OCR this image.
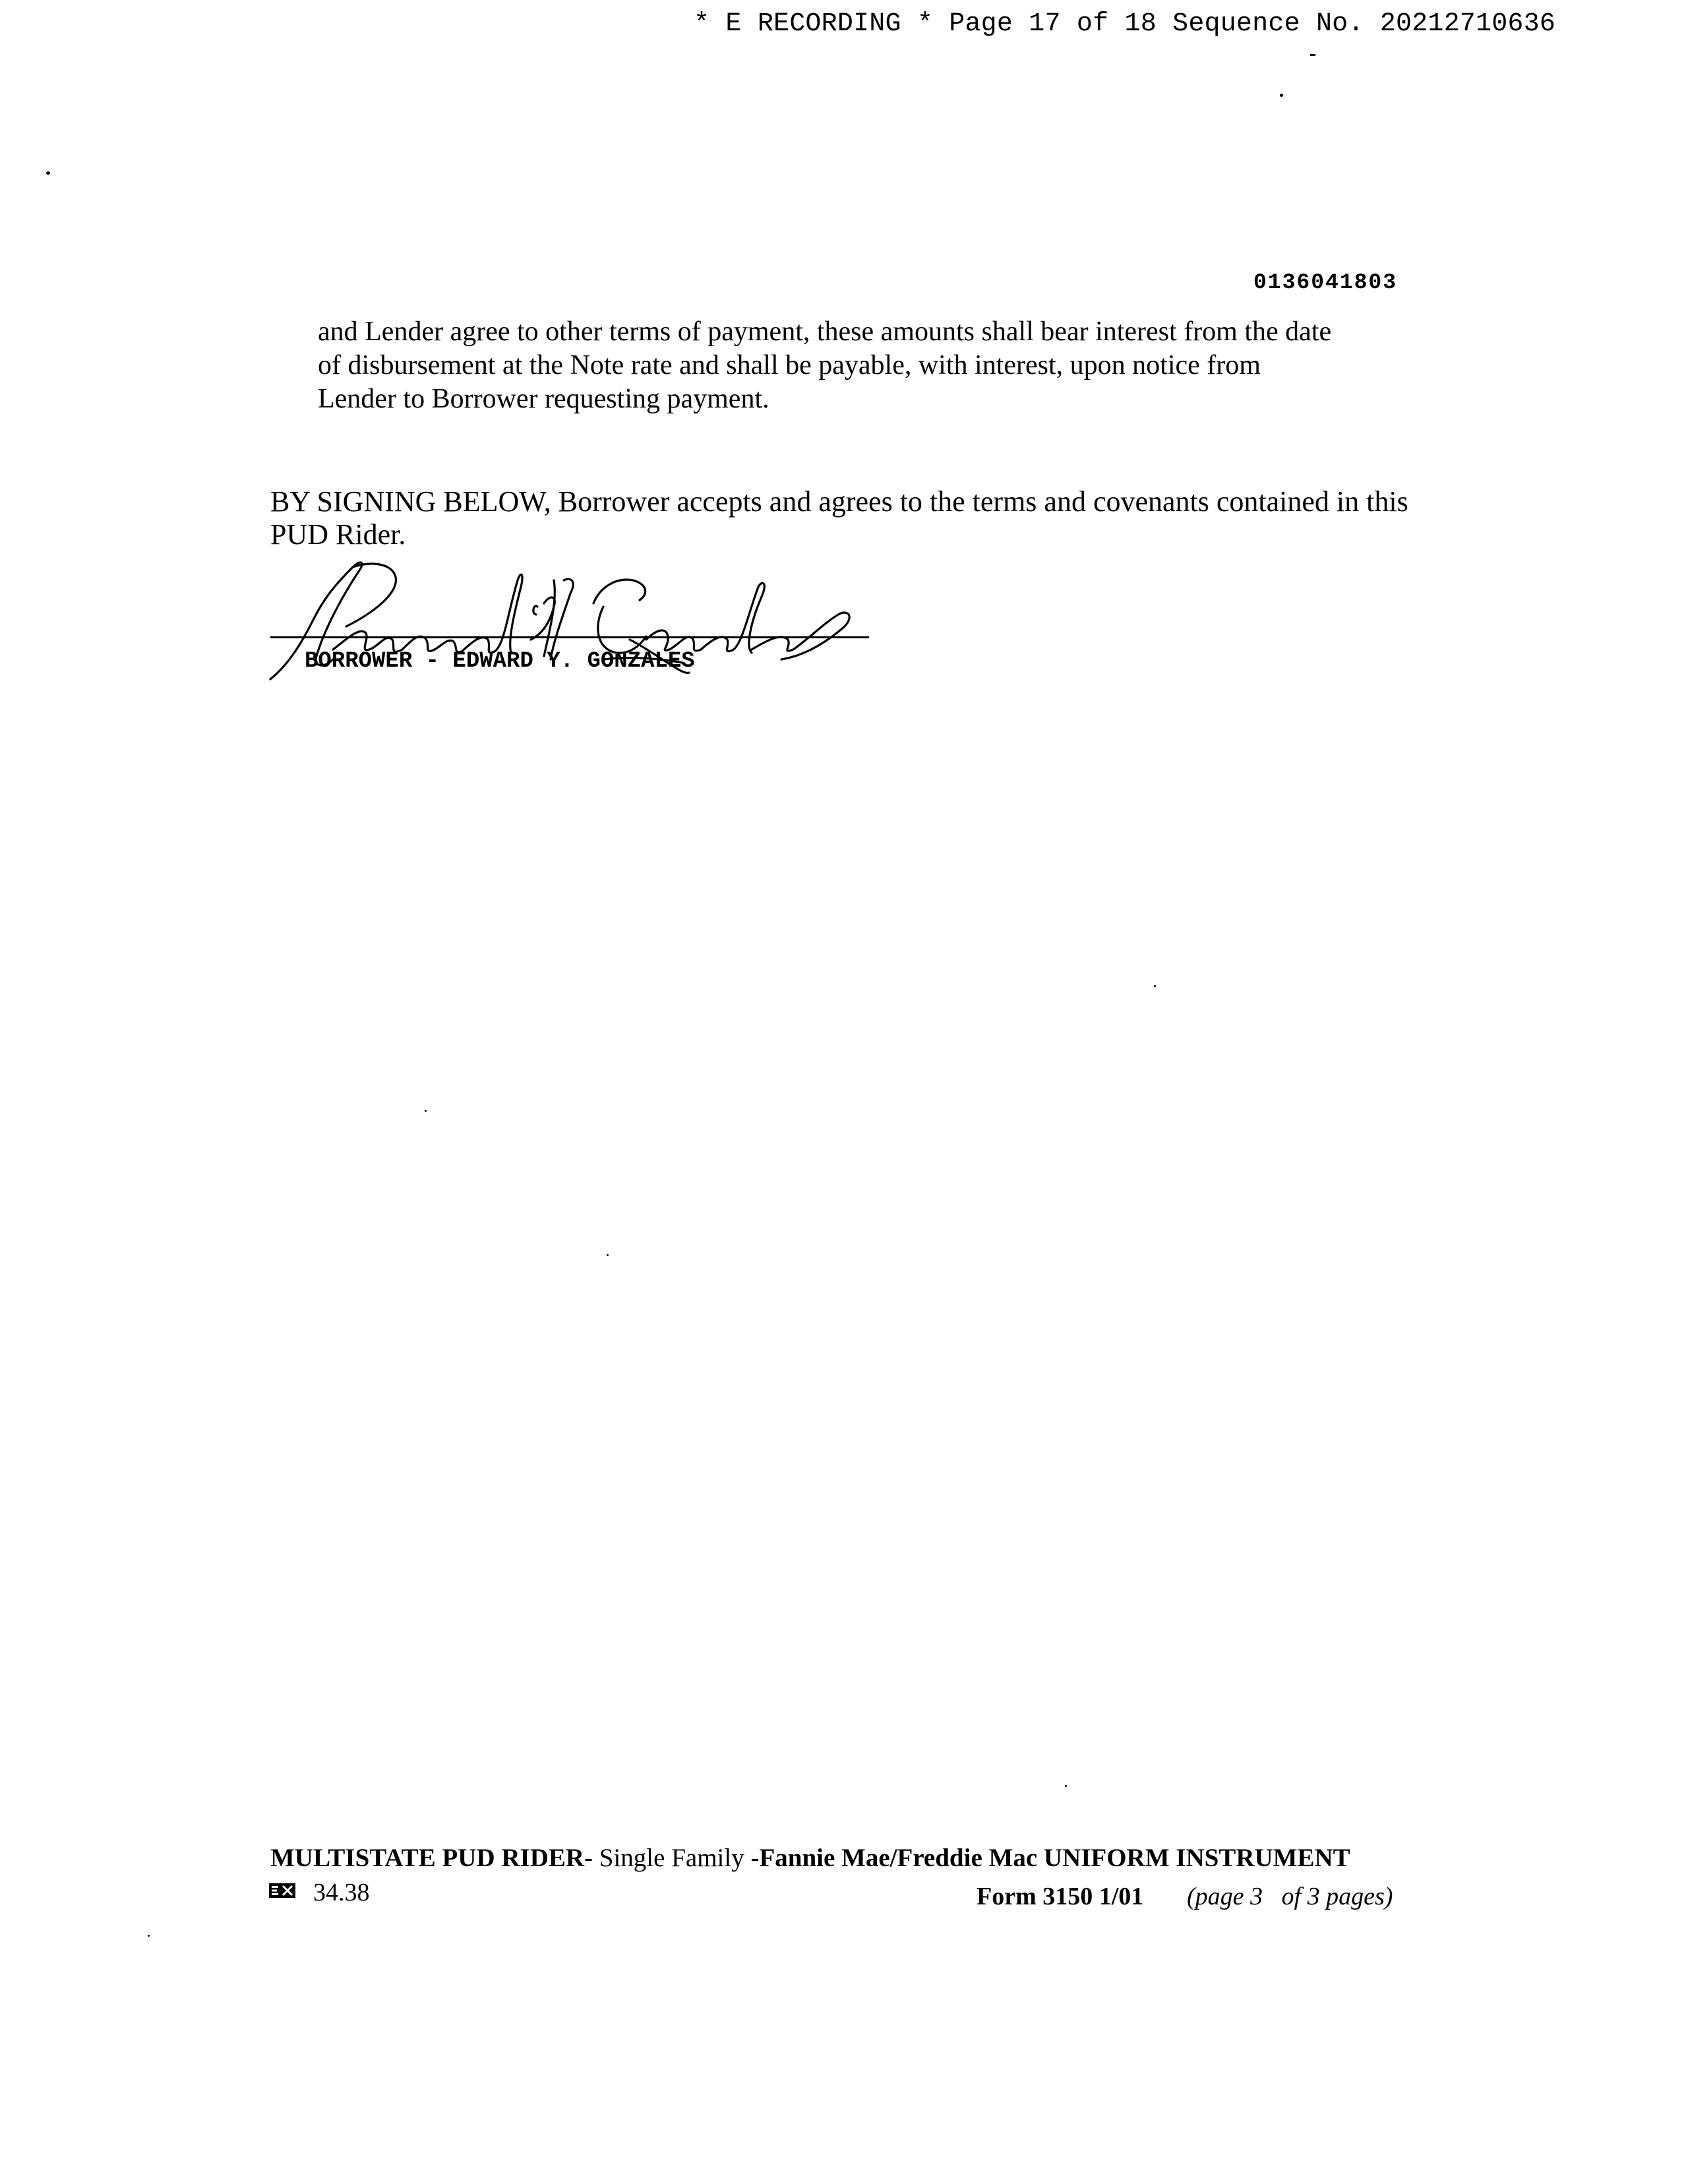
* E RECORDING * Page 17 of 18 Sequence No. 20212710636
0136041803
and Lender agree to other terms of payment, these amounts shall bear interest from the date
of disbursement at the Note rate and shall be payable, with interest, upon notice from
Lender to Borrower requesting payment.
BY SIGNING BELOW, Borrower accepts and agrees to the terms and covenants contained in this
PUD Rider.
BORROWER - EDWARD Y. GONZALES
MULTISTATE PUD RIDER- Single Family -Fannie Mae/Freddie Mac UNIFORM INSTRUMENT
34.38	Form 3150 1/01 (page 3   of 3 pages)
